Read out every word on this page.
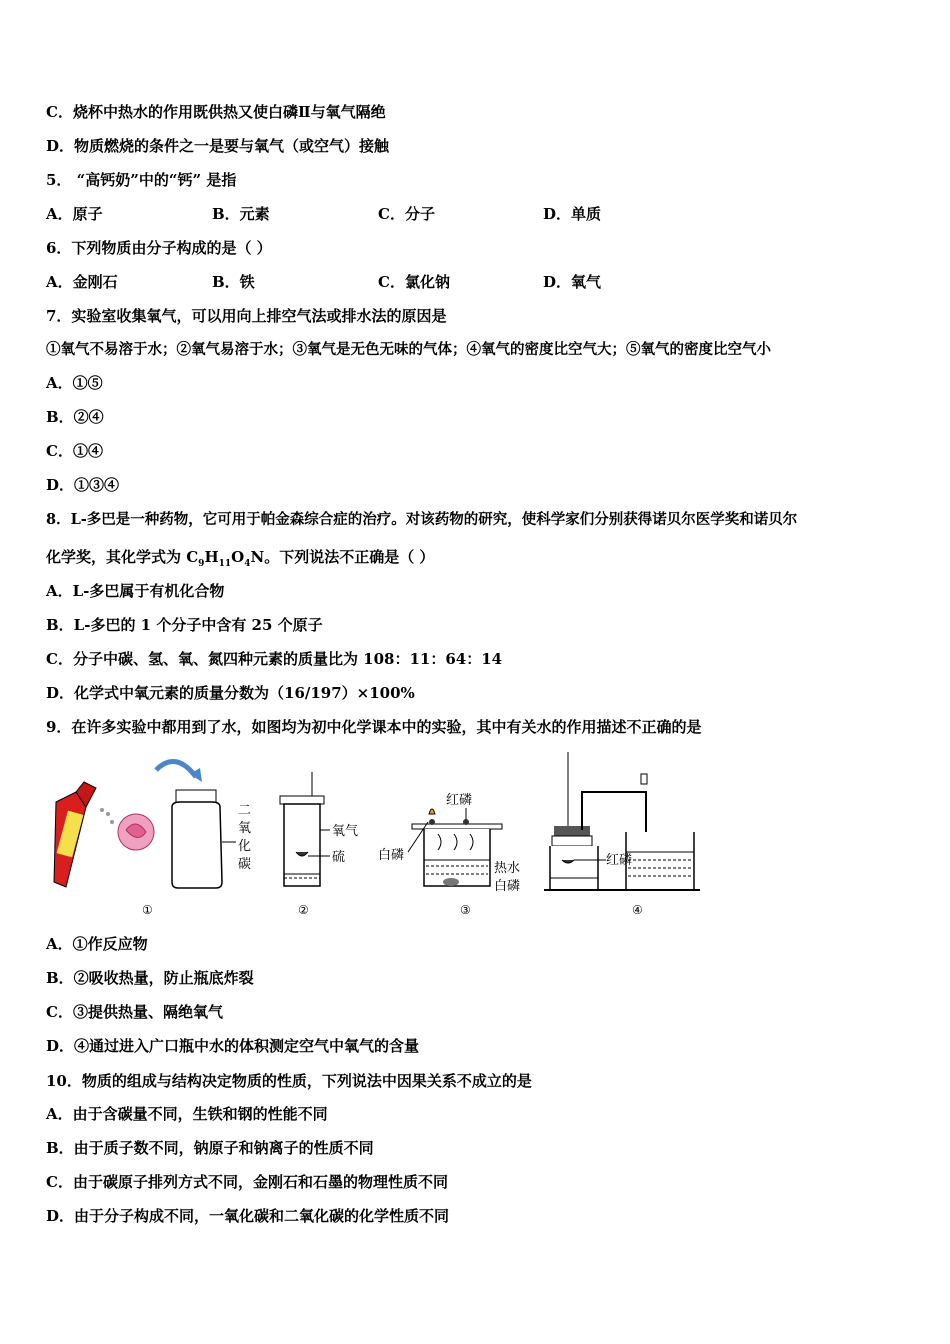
C．烧杯中热水的作用既供热又使白磷Ⅱ与氧气隔绝
D．物质燃烧的条件之一是要与氧气（或空气）接触
5． “高钙奶”中的“钙” 是指
A．原子	B．元素	C．分子	D．单质
6．下列物质由分子构成的是（ ）
A．金刚石	B．铁	C．氯化钠	D．氧气
7．实验室收集氧气，可以用向上排空气法或排水法的原因是
①氧气不易溶于水；②氧气易溶于水；③氧气是无色无味的气体；④氧气的密度比空气大；⑤氧气的密度比空气小
A．①⑤
B．②④
C．①④
D．①③④
8．L-多巴是一种药物，它可用于帕金森综合症的治疗。对该药物的研究，使科学家们分别获得诺贝尔医学奖和诺贝尔
化学奖，其化学式为 $C_9H_{11}O_4N$。下列说法不正确是（ ）
A．L-多巴属于有机化合物
B．L-多巴的 1 个分子中含有 25 个原子
C．分子中碳、氢、氧、氮四种元素的质量比为 108：11：64：14
D．化学式中氧元素的质量分数为（16/197）×100%
9．在许多实验中都用到了水，如图均为初中化学课本中的实验，其中有关水的作用描述不正确的是
二
氧
化
碳
①
氧气
硫
②
白磷
红磷
热水
白磷
③
红磷
④
A．①作反应物
B．②吸收热量，防止瓶底炸裂
C．③提供热量、隔绝氧气
D．④通过进入广口瓶中水的体积测定空气中氧气的含量
10．物质的组成与结构决定物质的性质，下列说法中因果关系不成立的是
A．由于含碳量不同，生铁和钢的性能不同
B．由于质子数不同，钠原子和钠离子的性质不同
C．由于碳原子排列方式不同，金刚石和石墨的物理性质不同
D．由于分子构成不同，一氧化碳和二氧化碳的化学性质不同
